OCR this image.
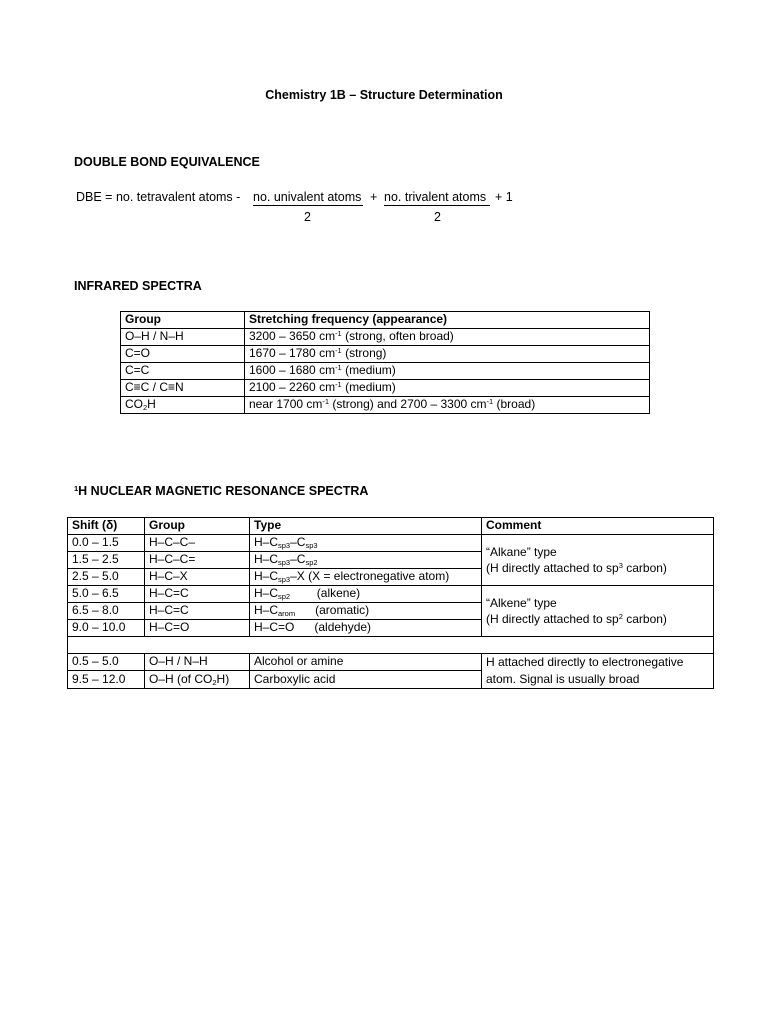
Chemistry 1B – Structure Determination
DOUBLE BOND EQUIVALENCE
DBE = no. tetravalent atoms - no. univalent atoms + no. trivalent atoms + 1
2	2
INFRARED SPECTRA
Group	Stretching frequency (appearance)
O–H / N–H	3200 – 3650 $cm^{-1}$ (strong, often broad)
C=O	1670 – 1780 $cm^{-1}$ (strong)
C=C	1600 – 1680 $cm^{-1}$ (medium)
C≡C / C≡N	2100 – 2260 $cm^{-1}$ (medium)
$CO_2H$	near 1700 $cm^{-1}$ (strong) and 2700 – 3300 $cm^{-1}$ (broad)
$^1$H NUCLEAR MAGNETIC RESONANCE SPECTRA
Shift (δ)	Group	Type	Comment
0.0 – 1.5	H–C–C–	$H-C_{sp3}-C_{sp3}$	“Alkane” type
(H directly attached to $sp^3$ carbon)

1.5 – 2.5	H–C–C=	$H-C_{sp3}-C_{sp2}$
2.5 – 5.0	H–C–X	$H-C_{sp3}-X$ (X = electronegative atom)	
5.0 – 6.5	H–C=C	$H-C_{sp2}$        (alkene)	“Alkene” type
(H directly attached to $sp^2$ carbon)

6.5 – 8.0	H–C=C	$H-C_{arom}$      (aromatic)	
9.0 – 10.0	H–C=O	H–C=O      (aldehyde)	

0.5 – 5.0	O–H / N–H	Alcohol or amine	H attached directly to electronegative atom. Signal is usually broad
9.5 – 12.0	O–H (of $CO_2H$)	Carboxylic acid	
